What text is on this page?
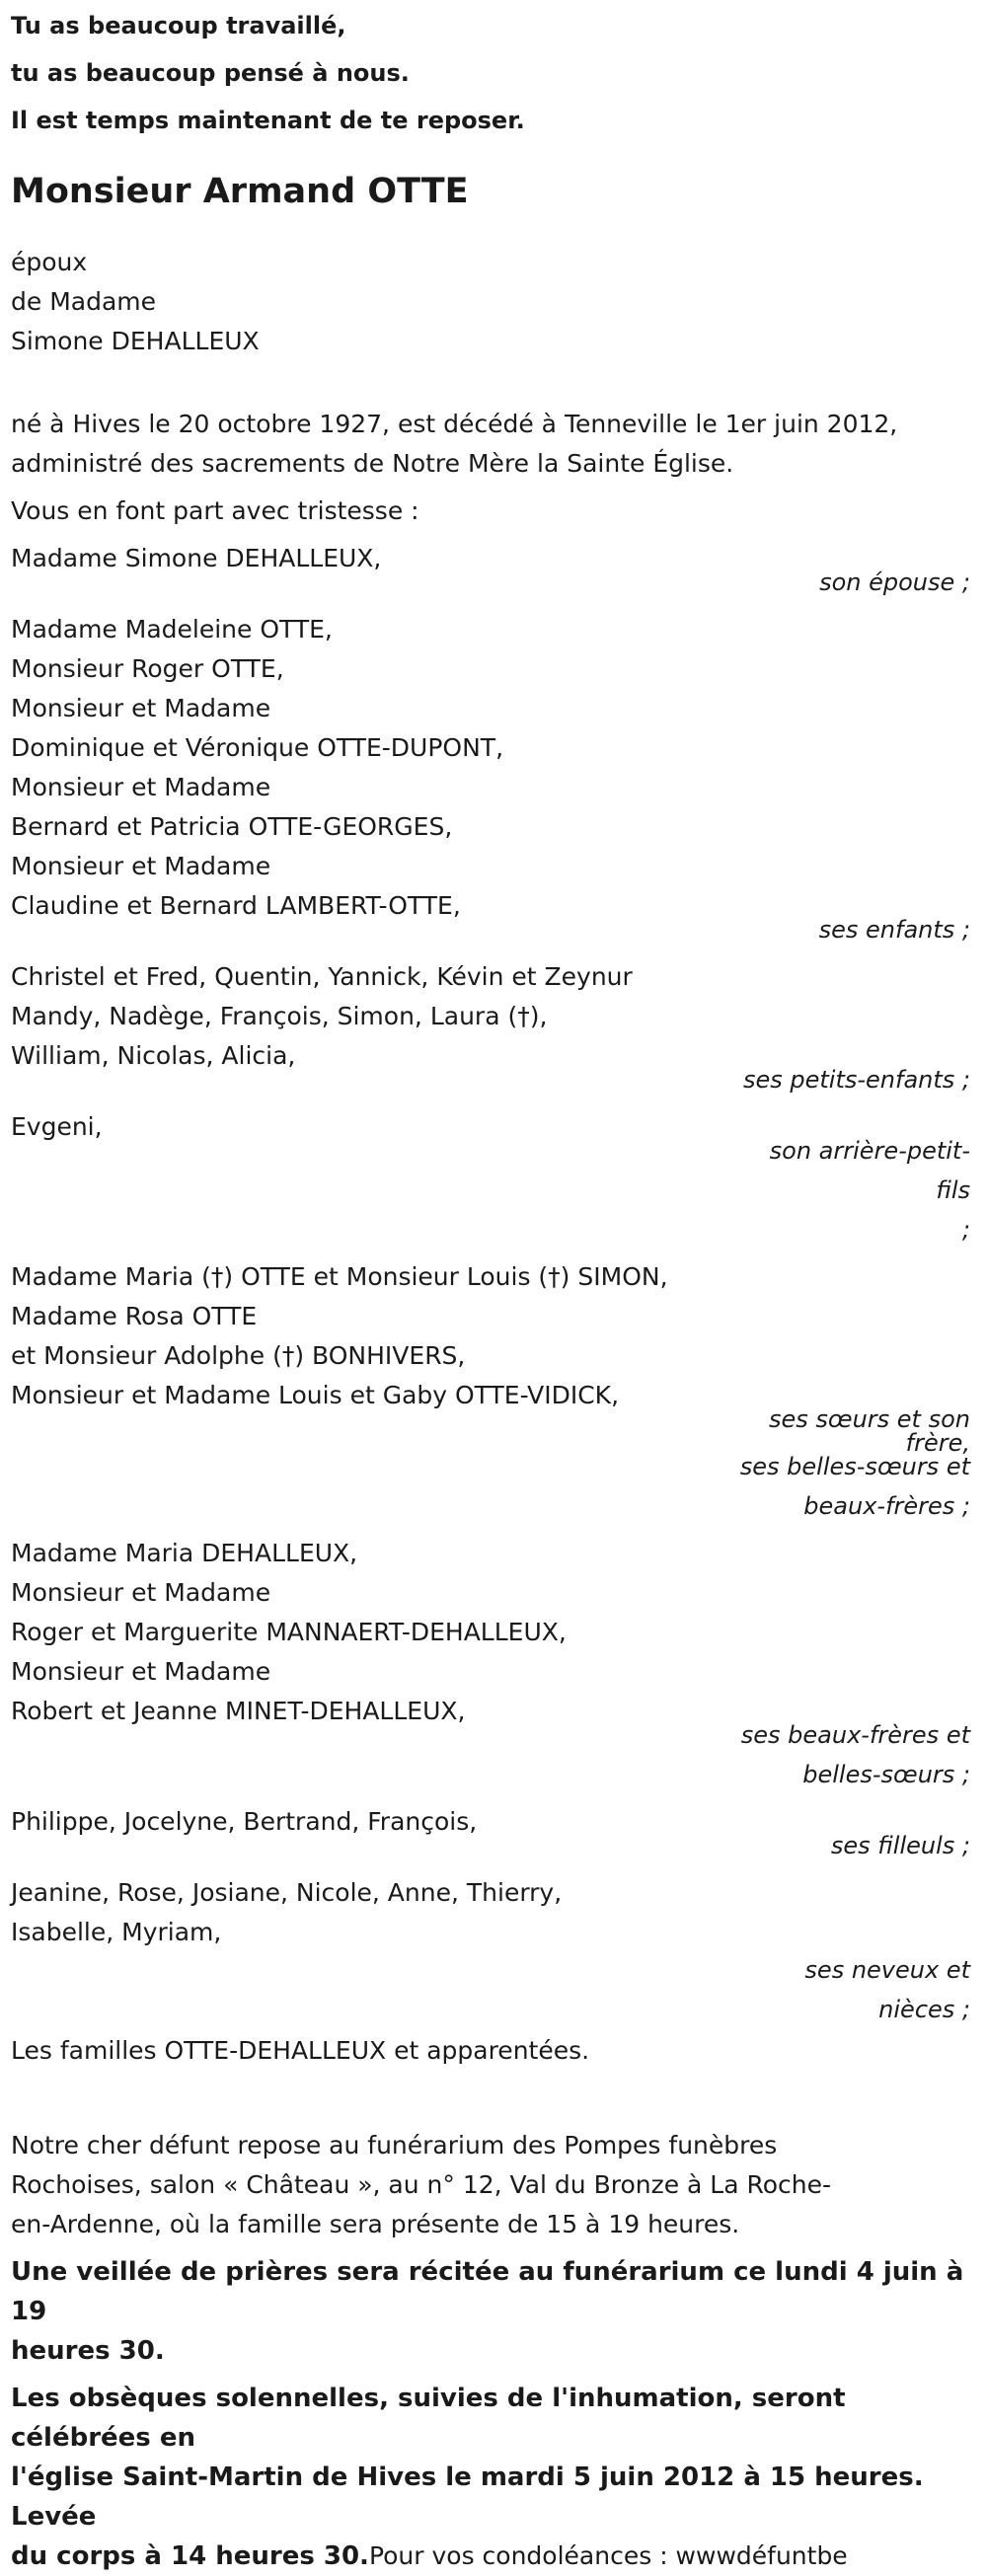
Tu as beaucoup travaillé,
tu as beaucoup pensé à nous.
Il est temps maintenant de te reposer.
Monsieur Armand OTTE
époux
de Madame
Simone DEHALLEUX
né à Hives le 20 octobre 1927, est décédé à Tenneville le 1er juin 2012,
administré des sacrements de Notre Mère la Sainte Église.
Vous en font part avec tristesse :
Madame Simone DEHALLEUX,
son épouse ;
Madame Madeleine OTTE,
Monsieur Roger OTTE,
Monsieur et Madame
Dominique et Véronique OTTE-DUPONT,
Monsieur et Madame
Bernard et Patricia OTTE-GEORGES,
Monsieur et Madame
Claudine et Bernard LAMBERT-OTTE,
ses enfants ;
Christel et Fred, Quentin, Yannick, Kévin et Zeynur
Mandy, Nadège, François, Simon, Laura (†),
William, Nicolas, Alicia,
ses petits-enfants ;
Evgeni,
son arrière-petit-fils
;
Madame Maria (†) OTTE et Monsieur Louis (†) SIMON,
Madame Rosa OTTE
et Monsieur Adolphe (†) BONHIVERS,
Monsieur et Madame Louis et Gaby OTTE-VIDICK,
ses sœurs et son
frère,
ses belles-sœurs et
beaux-frères ;
Madame Maria DEHALLEUX,
Monsieur et Madame
Roger et Marguerite MANNAERT-DEHALLEUX,
Monsieur et Madame
Robert et Jeanne MINET-DEHALLEUX,
ses beaux-frères et
belles-sœurs ;
Philippe, Jocelyne, Bertrand, François,
ses filleuls ;
Jeanine, Rose, Josiane, Nicole, Anne, Thierry,
Isabelle, Myriam,
ses neveux et
nièces ;
Les familles OTTE-DEHALLEUX et apparentées.
Notre cher défunt repose au funérarium des Pompes funèbres
Rochoises, salon « Château », au n° 12, Val du Bronze à La Roche-
en-Ardenne, où la famille sera présente de 15 à 19 heures.
Une veillée de prières sera récitée au funérarium ce lundi 4 juin à 19
heures 30.
Les obsèques solennelles, suivies de l'inhumation, seront célébrées en
l'église Saint-Martin de Hives le mardi 5 juin 2012 à 15 heures. Levée
du corps à 14 heures 30.Pour vos condoléances : wwwdéfuntbe
